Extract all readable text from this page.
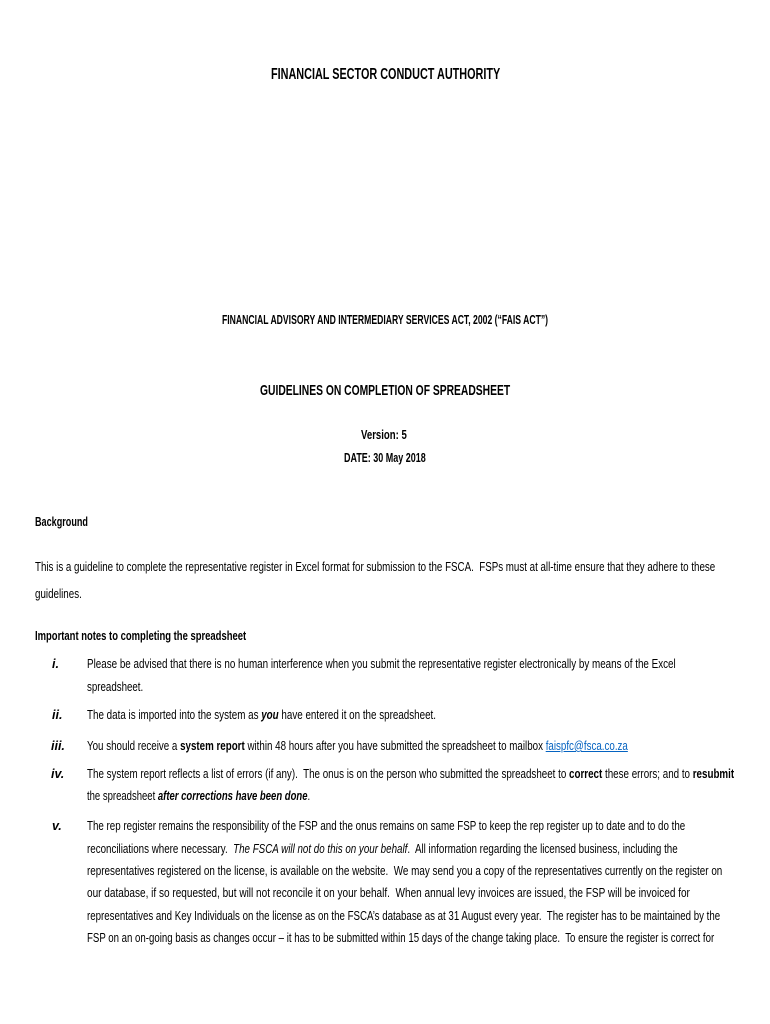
FINANCIAL SECTOR CONDUCT AUTHORITY
FINANCIAL ADVISORY AND INTERMEDIARY SERVICES ACT, 2002 (“FAIS ACT”)
GUIDELINES ON COMPLETION OF SPREADSHEET
Version: 5
DATE: 30 May 2018
Background
This is a guideline to complete the representative register in Excel format for submission to the FSCA.  FSPs must at all-time ensure that they adhere to these
guidelines.
Important notes to completing the spreadsheet
i.	Please be advised that there is no human interference when you submit the representative register electronically by means of the Excel
spreadsheet.
ii.	The data is imported into the system as you have entered it on the spreadsheet.
iii.	You should receive a system report within 48 hours after you have submitted the spreadsheet to mailbox faispfc@fsca.co.za
iv.	The system report reflects a list of errors (if any).  The onus is on the person who submitted the spreadsheet to correct these errors; and to resubmit
the spreadsheet after corrections have been done.
v.	The rep register remains the responsibility of the FSP and the onus remains on same FSP to keep the rep register up to date and to do the
reconciliations where necessary.  The FSCA will not do this on your behalf.  All information regarding the licensed business, including the
representatives registered on the license, is available on the website.  We may send you a copy of the representatives currently on the register on
our database, if so requested, but will not reconcile it on your behalf.  When annual levy invoices are issued, the FSP will be invoiced for
representatives and Key Individuals on the license as on the FSCA’s database as at 31 August every year.  The register has to be maintained by the
FSP on an on-going basis as changes occur – it has to be submitted within 15 days of the change taking place.  To ensure the register is correct for
